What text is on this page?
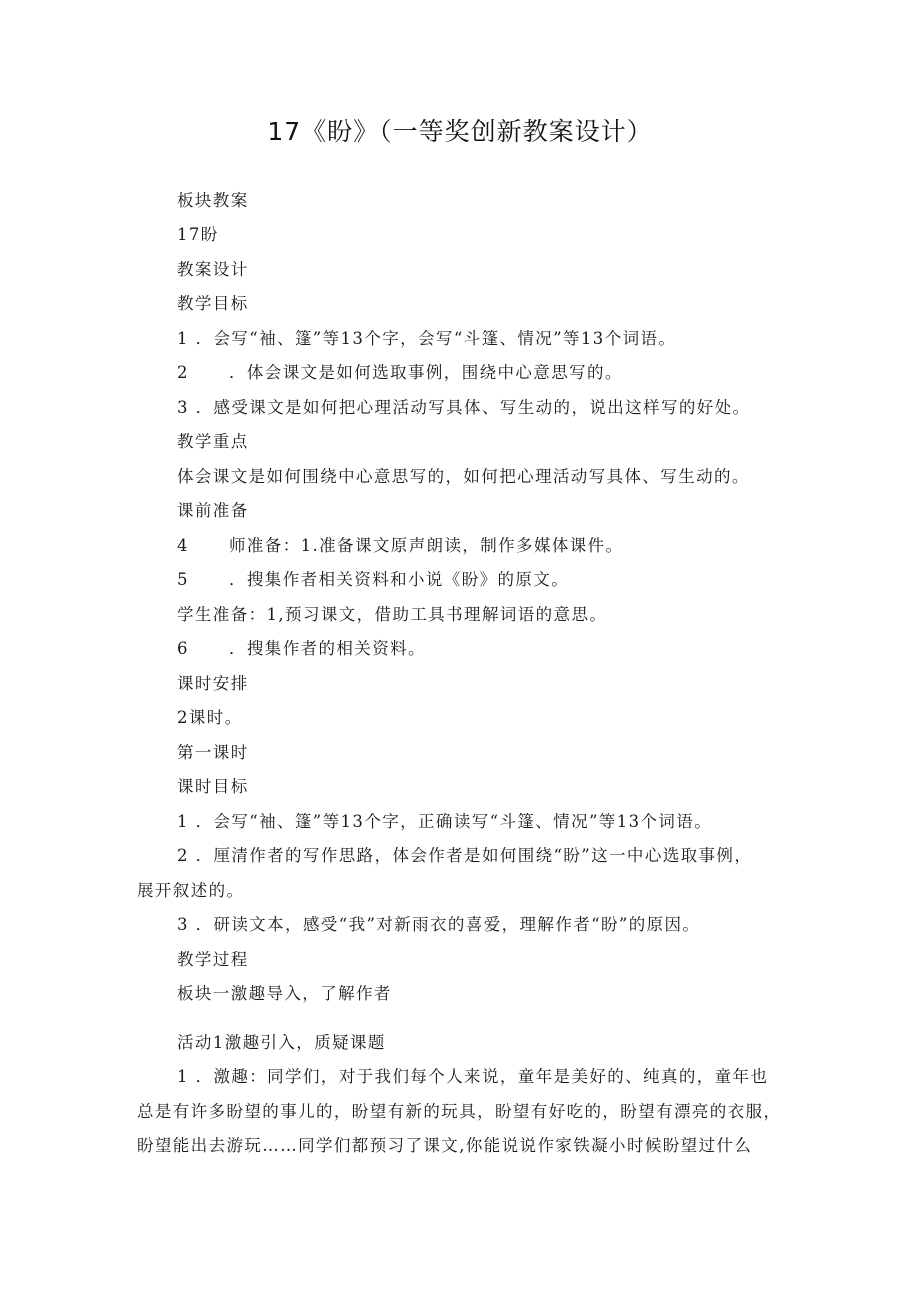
17《盼》（一等奖创新教案设计）
板块教案
17盼
教案设计
教学目标
1 ．会写“袖、篷”等13个字，会写“斗篷、情况”等13个词语。
2 ．体会课文是如何选取事例，围绕中心意思写的。
3 ．感受课文是如何把心理活动写具体、写生动的，说出这样写的好处。
教学重点
体会课文是如何围绕中心意思写的，如何把心理活动写具体、写生动的。
课前准备
4 师准备：1.准备课文原声朗读，制作多媒体课件。
5 ．搜集作者相关资料和小说《盼》的原文。
学生准备：1,预习课文，借助工具书理解词语的意思。
6 ．搜集作者的相关资料。
课时安排
2课时。
第一课时
课时目标
1 ．会写“袖、篷”等13个字，正确读写“斗篷、情况”等13个词语。
2 ．厘清作者的写作思路，体会作者是如何围绕“盼”这一中心选取事例，
展开叙述的。
3 ．研读文本，感受“我”对新雨衣的喜爱，理解作者“盼”的原因。
教学过程
板块一激趣导入，了解作者
活动1激趣引入，质疑课题
1 ．激趣：同学们，对于我们每个人来说，童年是美好的、纯真的，童年也
总是有许多盼望的事儿的，盼望有新的玩具，盼望有好吃的，盼望有漂亮的衣服，
盼望能出去游玩……同学们都预习了课文,你能说说作家铁凝小时候盼望过什么
